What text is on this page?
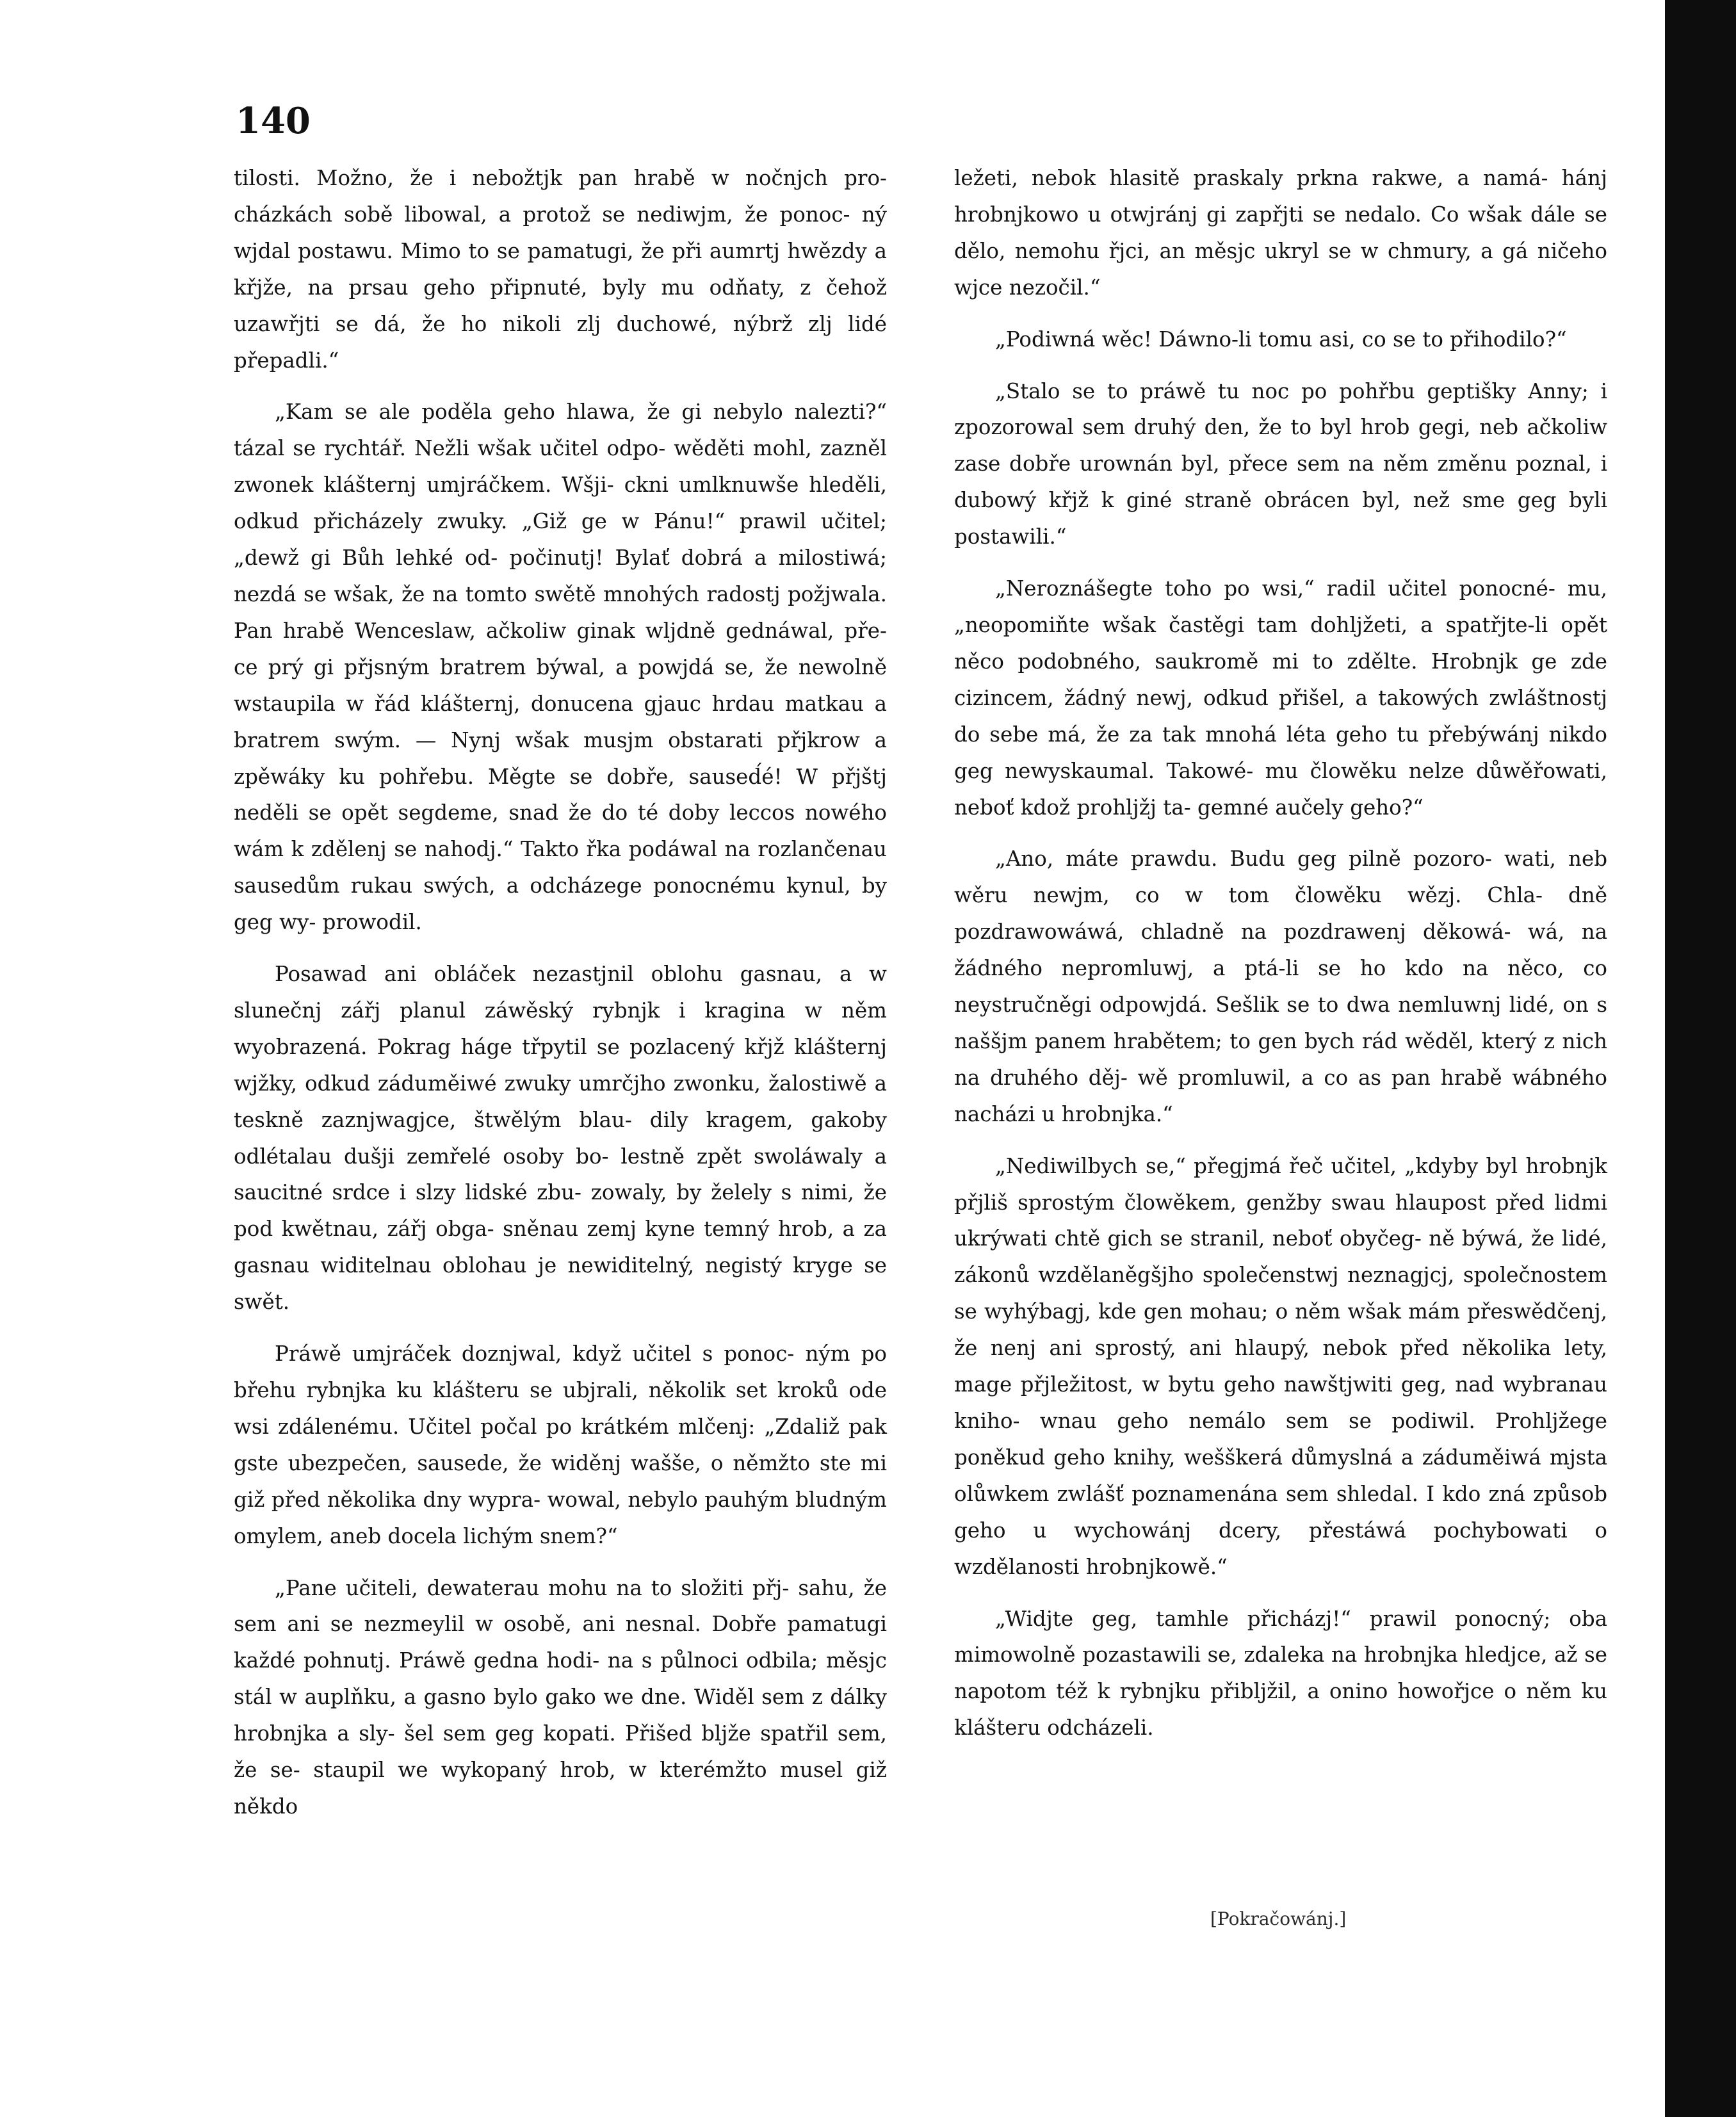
140

tilosti. Možno, že i nebožtjk pan hrabě w nočnjch pro- cházkách sobě libowal, a protož se nediwjm, že ponoc- ný wjdal postawu. Mimo to se pamatugi, že při aumrtj hwězdy a křjže, na prsau geho připnuté, byly mu odňaty, z čehož uzawřjti se dá, že ho nikoli zlj duchowé, nýbrž zlj lidé přepadli.“

„Kam se ale poděla geho hlawa, že gi nebylo nalezti?“ tázal se rychtář. Nežli wšak učitel odpo- wěděti mohl, zazněl zwonek klášternj umjráčkem. Wšji- ckni umlknuwše hleděli, odkud přicházely zwuky. „Giž ge w Pánu!“ prawil učitel; „dewž gi Bůh lehké od- počinutj! Bylať dobrá a milostiwá; nezdá se wšak, že na tomto swětě mnohých radostj požjwala. Pan hrabě Wenceslaw, ačkoliw ginak wljdně gednáwal, pře- ce prý gi přjsným bratrem býwal, a powjdá se, že newolně wstaupila w řád klášternj, donucena gjauc hrdau matkau a bratrem swým. — Nynj wšak musjm obstarati přjkrow a zpěwáky ku pohřebu. Měgte se dobře, saused́é! W přjštj neděli se opět segdeme, snad že do té doby leccos nowého wám k zdělenj se nahodj.“ Takto řka podáwal na rozlančenau sausedům rukau swých, a odcházege ponocnému kynul, by geg wy- prowodil.

Posawad ani obláček nezastjnil oblohu gasnau, a w slunečnj zářj planul záwěský rybnjk i kragina w něm wyobrazená. Pokrag háge třpytil se pozlacený křjž klášternj wjžky, odkud záduměiwé zwuky umrčjho zwonku, žalostiwě a teskně zaznjwagjce, štwělým blau- dily kragem, gakoby odlétalau dušji zemřelé osoby bo- lestně zpět swoláwaly a saucitné srdce i slzy lidské zbu- zowaly, by želely s nimi, že pod kwětnau, zářj obga- sněnau zemj kyne temný hrob, a za gasnau widitelnau oblohau je newiditelný, negistý kryge se swět.

Práwě umjráček doznjwal, když učitel s ponoc- ným po břehu rybnjka ku klášteru se ubjrali, několik set kroků ode wsi zdálenému. Učitel počal po krátkém mlčenj: „Zdaliž pak gste ubezpečen, sausede, že widěnj wašše, o němžto ste mi giž před několika dny wypra- wowal, nebylo pauhým bludným omylem, aneb docela lichým snem?“

„Pane učiteli, dewaterau mohu na to složiti přj- sahu, že sem ani se nezmeylil w osobě, ani nesnal. Dobře pamatugi každé pohnutj. Práwě gedna hodi- na s půlnoci odbila; měsjc stál w auplňku, a gasno bylo gako we dne. Widěl sem z dálky hrobnjka a sly- šel sem geg kopati. Přišed bljže spatřil sem, že se- staupil we wykopaný hrob, w kterémžto musel giž někdo

ležeti, nebok hlasitě praskaly prkna rakwe, a namá- hánj hrobnjkowo u otwjránj gi zapřjti se nedalo. Co wšak dále se dělo, nemohu řjci, an měsjc ukryl se w chmury, a gá ničeho wjce nezočil.“

„Podiwná wěc! Dáwno-li tomu asi, co se to přihodilo?“

„Stalo se to práwě tu noc po pohřbu geptišky Anny; i zpozorowal sem druhý den, že to byl hrob gegi, neb ačkoliw zase dobře urownán byl, přece sem na něm změnu poznal, i dubowý křjž k giné straně obrácen byl, než sme geg byli postawili.“

„Neroznášegte toho po wsi,“ radil učitel ponocné- mu, „neopomiňte wšak častěgi tam dohljžeti, a spatřjte-li opět něco podobného, saukromě mi to zdělte. Hrobnjk ge zde cizincem, žádný newj, odkud přišel, a takowých zwláštnostj do sebe má, že za tak mnohá léta geho tu přebýwánj nikdo geg newyskaumal. Takowé- mu člowěku nelze důwěřowati, neboť kdož prohljžj ta- gemné aučely geho?“

„Ano, máte prawdu. Budu geg pilně pozoro- wati, neb wěru newjm, co w tom člowěku wězj. Chla- dně pozdrawowáwá, chladně na pozdrawenj děkowá- wá, na žádného nepromluwj, a ptá-li se ho kdo na něco, co neystručněgi odpowjdá. Sešlik se to dwa nemluwnj lidé, on s naššjm panem hrabětem; to gen bych rád wěděl, který z nich na druhého děj- wě promluwil, a co as pan hrabě wábného nacházi u hrobnjka.“

„Nediwilbych se,“ přegjmá řeč učitel, „kdyby byl hrobnjk přjliš sprostým člowěkem, genžby swau hlaupost před lidmi ukrýwati chtě gich se stranil, neboť obyčeg- ně býwá, že lidé, zákonů wzdělaněgšjho společenstwj neznagjcj, společnostem se wyhýbagj, kde gen mohau; o něm wšak mám přeswědčenj, že nenj ani sprostý, ani hlaupý, nebok před několika lety, mage přjležitost, w bytu geho nawštjwiti geg, nad wybranau kniho- wnau geho nemálo sem se podiwil. Prohljžege poněkud geho knihy, wešškerá důmyslná a záduměiwá mjsta olůwkem zwlášť poznamenána sem shledal. I kdo zná způsob geho u wychowánj dcery, přestáwá pochybowati o wzdělanosti hrobnjkowě.“

„Widjte geg, tamhle přicházj!“ prawil ponocný; oba mimowolně pozastawili se, zdaleka na hrobnjka hledjce, až se napotom též k rybnjku přibljžil, a onino howořjce o něm ku klášteru odcházeli.

[Pokračowánj.]
